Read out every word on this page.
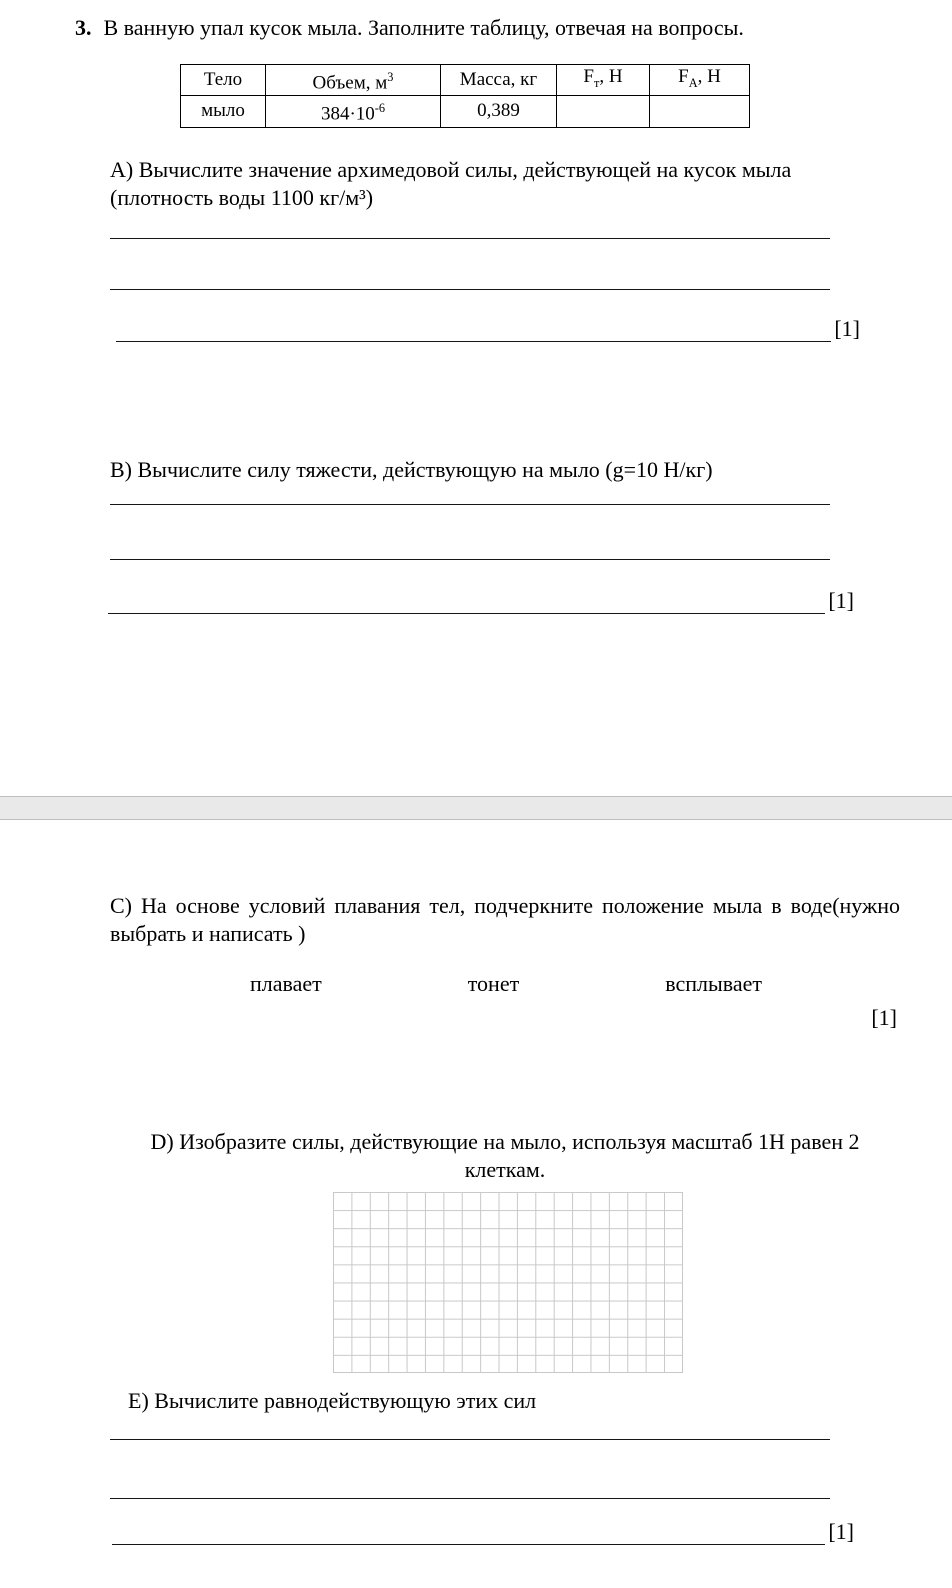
3. В ванную упал кусок мыла. Заполните таблицу, отвечая на вопросы.

Тело	Объем, $м^3$	Масса, кг	$F_т$, Н	$F_A$, Н
мыло	$384\cdot 10^{-6}$	0,389		

А) Вычислите значение архимедовой силы, действующей на кусок мыла (плотность воды 1100 кг/м³)

[1]

В) Вычислите силу тяжести, действующую на мыло (g=10 Н/кг)

[1]

С) На основе условий плавания тел, подчеркните положение мыла в воде(нужно выбрать и написать )

плавает	тонет	всплывает
[1]

D) Изобразите силы, действующие на мыло, используя масштаб 1Н равен 2 клеткам.

Е) Вычислите равнодействующую этих сил

[1]
